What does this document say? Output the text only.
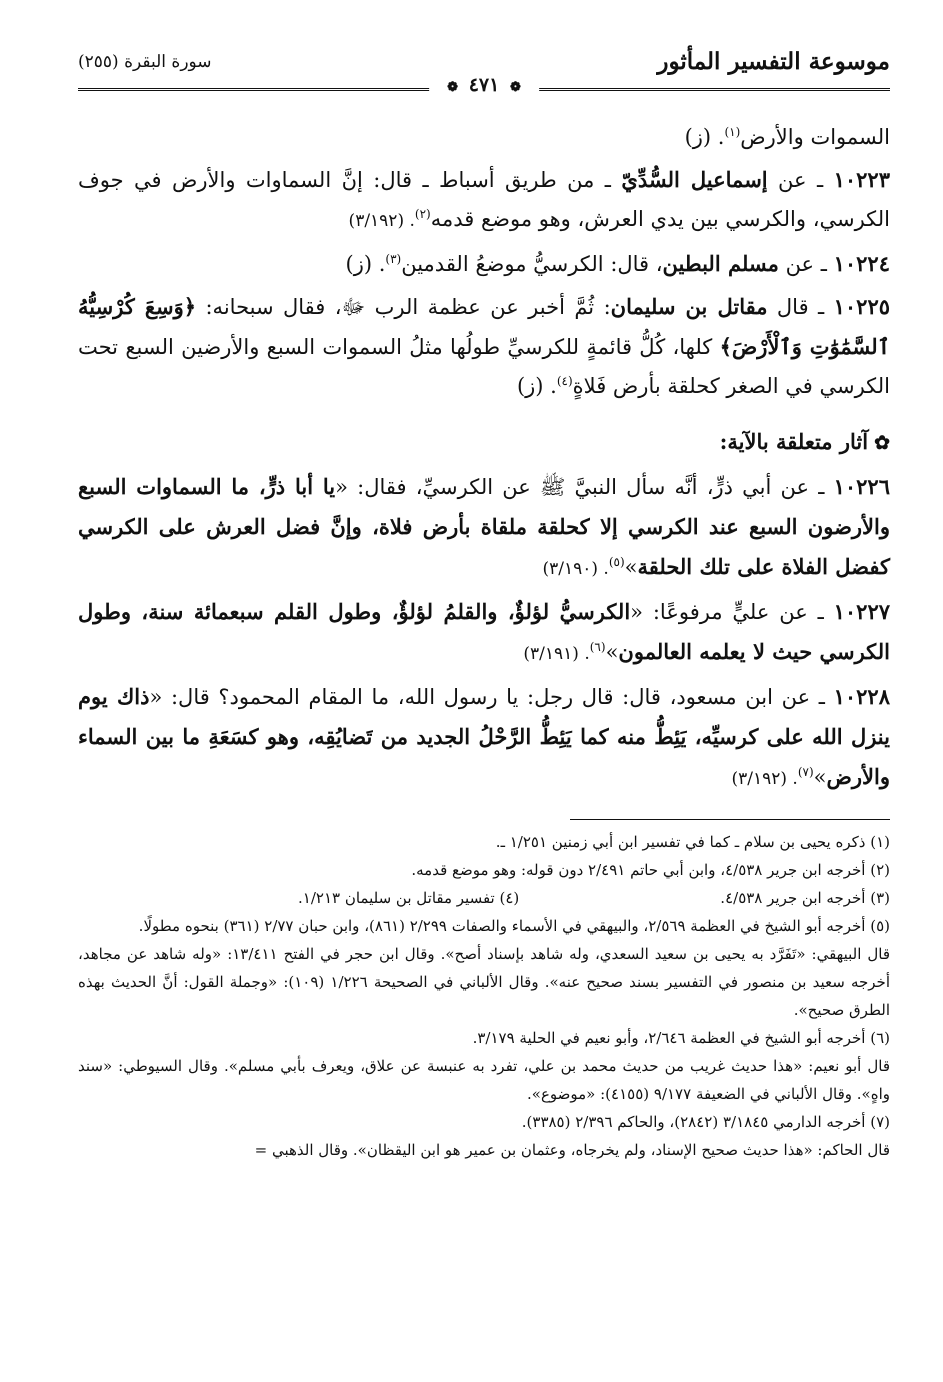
موسوعة التفسير المأثور
سورة البقرة (٢٥٥)
❁ ٤٧١ ❁

السموات والأرض$^{(١)}$. (ز)

١٠٢٢٣ ـ عن إسماعيل السُّدِّيّ ـ من طريق أسباط ـ قال: إنَّ السماوات والأرض في جوف الكرسي، والكرسي بين يدي العرش، وهو موضع قدمه$^{(٢)}$. (٣/١٩٢)

١٠٢٢٤ ـ عن مسلم البطين، قال: الكرسيُّ موضعُ القدمين$^{(٣)}$. (ز)

١٠٢٢٥ ـ قال مقاتل بن سليمان: ثُمَّ أخبر عن عظمة الرب ﷻ، فقال سبحانه: ﴿وَسِعَ كُرْسِيُّهُ ٱلسَّمَٰوَٰتِ وَٱلْأَرْضَ﴾ كلها، كُلُّ قائمةٍ للكرسيِّ طولُها مثلُ السموات السبع والأرضين السبع تحت الكرسي في الصغر كحلقة بأرض فَلاةٍ$^{(٤)}$. (ز)

✿آثار متعلقة بالآية:

١٠٢٢٦ ـ عن أبي ذرٍّ، أنَّه سأل النبيَّ ﷺ عن الكرسيِّ، فقال: «يا أبا ذرٍّ، ما السماوات السبع والأرضون السبع عند الكرسي إلا كحلقة ملقاة بأرض فلاة، وإنَّ فضل العرش على الكرسي كفضل الفلاة على تلك الحلقة»$^{(٥)}$. (٣/١٩٠)

١٠٢٢٧ ـ عن عليٍّ مرفوعًا: «الكرسيُّ لؤلؤٌ، والقلمُ لؤلؤٌ، وطول القلم سبعمائة سنة، وطول الكرسي حيث لا يعلمه العالمون»$^{(٦)}$. (٣/١٩١)

١٠٢٢٨ ـ عن ابن مسعود، قال: قال رجل: يا رسول الله، ما المقام المحمود؟ قال: «ذاك يوم ينزل الله على كرسيِّه، يَئِطُّ منه كما يَئِطُّ الرَّحْلُ الجديد من تَضايُقِه، وهو كسَعَةِ ما بين السماء والأرض»$^{(٧)}$. (٣/١٩٢)

(١) ذكره يحيى بن سلام ـ كما في تفسير ابن أبي زمنين ١/٢٥١ ـ.

(٢) أخرجه ابن جرير ٤/٥٣٨، وابن أبي حاتم ٢/٤٩١ دون قوله: وهو موضع قدمه.

(٣) أخرجه ابن جرير ٤/٥٣٨.
(٤) تفسير مقاتل بن سليمان ١/٢١٣.

(٥) أخرجه أبو الشيخ في العظمة ٢/٥٦٩، والبيهقي في الأسماء والصفات ٢/٢٩٩ (٨٦١)، وابن حبان ٢/٧٧ (٣٦١) بنحوه مطولًا.

قال البيهقي: «تَفَرَّد به يحيى بن سعيد السعدي، وله شاهد بإسناد أصح». وقال ابن حجر في الفتح ١٣/٤١١: «وله شاهد عن مجاهد، أخرجه سعيد بن منصور في التفسير بسند صحيح عنه». وقال الألباني في الصحيحة ١/٢٢٦ (١٠٩): «وجملة القول: أنَّ الحديث بهذه الطرق صحيح».

(٦) أخرجه أبو الشيخ في العظمة ٢/٦٤٦، وأبو نعيم في الحلية ٣/١٧٩.

قال أبو نعيم: «هذا حديث غريب من حديث محمد بن علي، تفرد به عنبسة عن علاق، ويعرف بأبي مسلم». وقال السيوطي: «سند واهٍ». وقال الألباني في الضعيفة ٩/١٧٧ (٤١٥٥): «موضوع».

(٧) أخرجه الدارمي ٣/١٨٤٥ (٢٨٤٢)، والحاكم ٢/٣٩٦ (٣٣٨٥).

قال الحاكم: «هذا حديث صحيح الإسناد، ولم يخرجاه، وعثمان بن عمير هو ابن اليقظان». وقال الذهبي =
